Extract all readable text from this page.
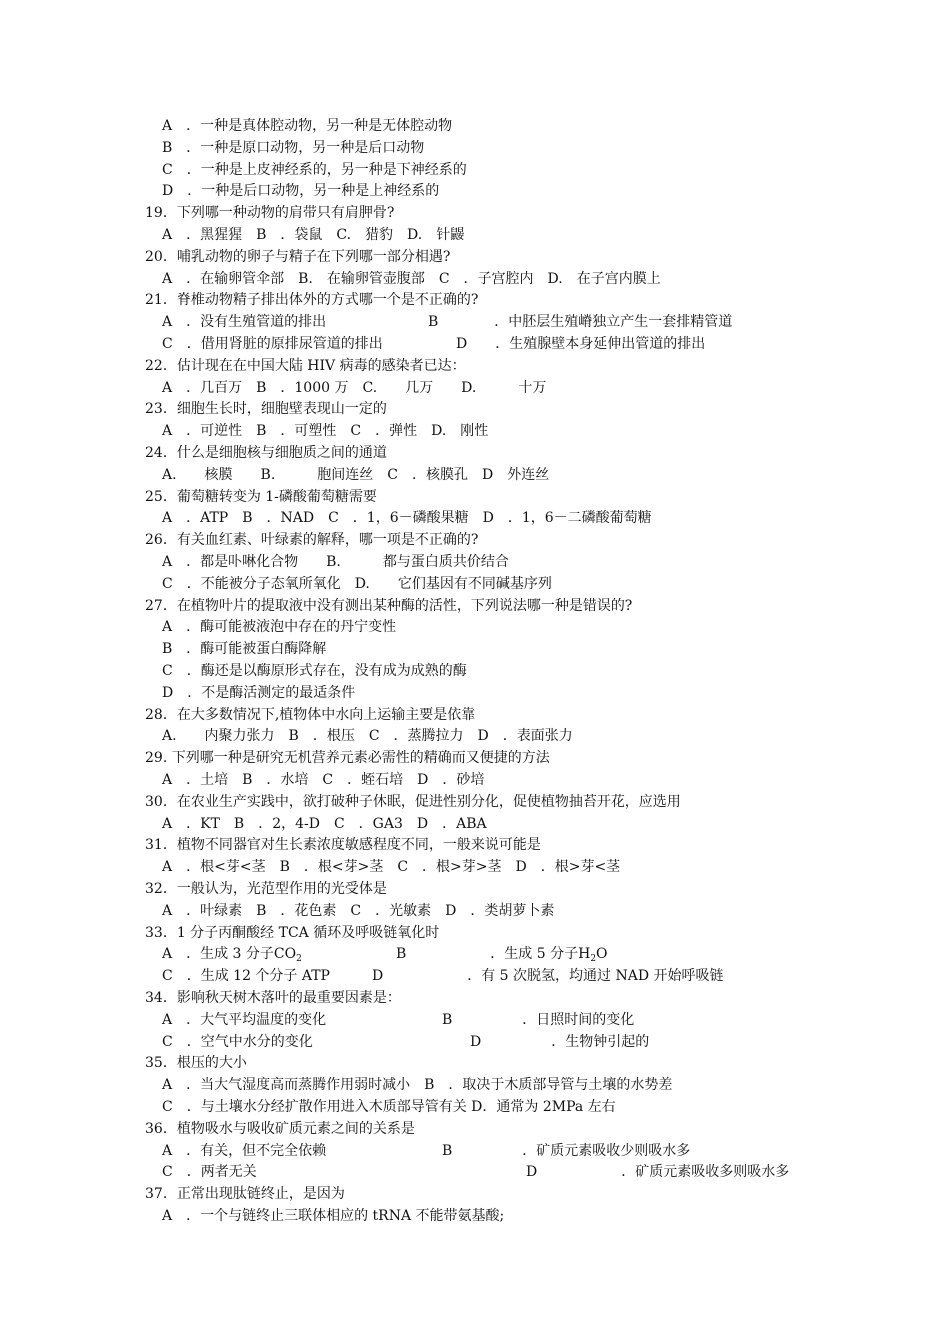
A　．一种是真体腔动物，另一种是无体腔动物
B　．一种是原口动物，另一种是后口动物
C　．一种是上皮神经系的，另一种是下神经系的
D　．一种是后口动物，另一种是上神经系的
19．下列哪一种动物的肩带只有肩胛骨?
A　．黑猩猩　B　．袋鼠　C.　猎豹　D.　针鼹
20．哺乳动物的卵子与精子在下列哪一部分相遇?
A　．在输卵管伞部　B.　在输卵管壶腹部　C　．子宫腔内　D.　在子宫内膜上
21．脊椎动物精子排出体外的方式哪一个是不正确的?
A　．没有生殖管道的排出	B　　　　．中胚层生殖嵴独立产生一套排精管道
C　．借用肾脏的原排尿管道的排出	　　D　　．生殖腺壁本身延伸出管道的排出
22．估计现在在中国大陆 HIV 病毒的感染者已达：
A　．几百万　B　．1000 万　C.　　几万　　D.　　　十万
23．细胞生长时，细胞壁表现山一定的
A　．可逆性　B　．可塑性　C　．弹性　D.　刚性
24．什么是细胞核与细胞质之间的通道
A.　　核膜　　B.　　　胞间连丝　C　．核膜孔　D　外连丝
25．葡萄糖转变为 1-磷酸葡萄糖需要
A　．ATP　B　．NAD　C　．1，6－磷酸果糖　D　．1，6－二磷酸葡萄糖
26．有关血红素、叶绿素的解释，哪一项是不正确的?
A　．都是卟啉化合物　　B.　　　都与蛋白质共价结合
C　．不能被分子态氧所氧化　D.　　它们基因有不同碱基序列
27．在植物叶片的提取液中没有测出某种酶的活性，下列说法哪一种是错误的?
A　．酶可能被液泡中存在的丹宁变性
B　．酶可能被蛋白酶降解
C　．酶还是以酶原形式存在，没有成为成熟的酶
D　．不是酶活测定的最适条件
28．在大多数情况下,植物体中水向上运输主要是依靠
A.　　内聚力张力　B　．根压　C　．蒸腾拉力　D　．表面张力
29. 下列哪一种是研究无机营养元素必需性的精确而又便捷的方法
A　．土培　B　．水培　C　．蛭石培　D　．砂培
30．在农业生产实践中，欲打破种子休眠，促进性别分化，促使植物抽苔开花，应选用
A　．KT　B　．2，4-D　C　．GA3　D　．ABA
31．植物不同器官对生长素浓度敏感程度不同，一般来说可能是
A　．根<芽<茎　B　．根<芽>茎　C　．根>芽>茎　D　．根>芽<茎
32．一般认为，光范型作用的光受体是
A　．叶绿素　B　．花色素　C　．光敏素　D　．类胡萝卜素
33．1 分子丙酮酸经 TCA 循环及呼吸链氧化时
A　．生成 3 分子$CO_2$	B　　　　　　．生成 5 分子$H_2O$
C　．生成 12 个分子 ATP　　　D　　　　　　．有 5 次脱氢，均通过 NAD 开始呼吸链
34．影响秋天树木落叶的最重要因素是：
A　．大气平均温度的变化	　B　　　　　．日照时间的变化
C　．空气中水分的变化	　　　D　　　　　．生物钟引起的
35．根压的大小
A　．当大气湿度高而蒸腾作用弱时减小　B　．取决于木质部导管与土壤的水势差
C　．与土壤水分经扩散作用进入木质部导管有关 D．通常为 2MPa 左右
36．植物吸水与吸收矿质元素之间的关系是
A　．有关，但不完全依赖	　B　　　　　．矿质元素吸收少则吸水多
C　．两者无关	　　　　　　　D　　　　　　．矿质元素吸收多则吸水多
37．正常出现肽链终止，是因为
A　．一个与链终止三联体相应的 tRNA 不能带氨基酸;
